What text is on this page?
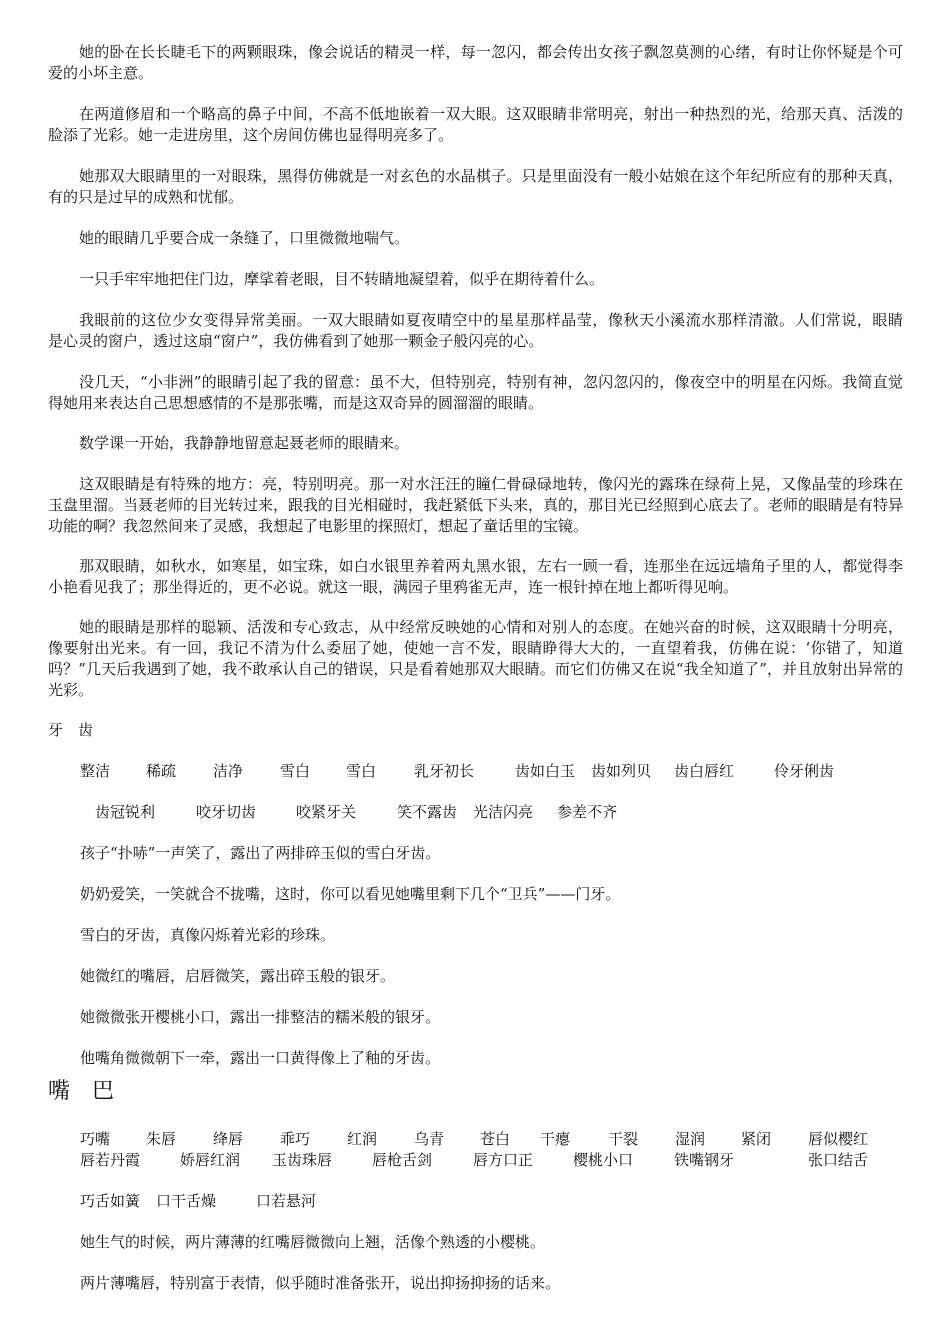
她的卧在长长睫毛下的两颗眼珠，像会说话的精灵一样，每一忽闪，都会传出女孩子飘忽莫测的心绪，有时让你怀疑是个可爱的小坏主意。

在两道修眉和一个略高的鼻子中间，不高不低地嵌着一双大眼。这双眼睛非常明亮，射出一种热烈的光，给那天真、活泼的脸添了光彩。她一走进房里，这个房间仿佛也显得明亮多了。

她那双大眼睛里的一对眼珠，黑得仿佛就是一对玄色的水晶棋子。只是里面没有一般小姑娘在这个年纪所应有的那种天真，有的只是过早的成熟和忧郁。

她的眼睛几乎要合成一条缝了，口里微微地喘气。

一只手牢牢地把住门边，摩挲着老眼，目不转睛地凝望着，似乎在期待着什么。

我眼前的这位少女变得异常美丽。一双大眼睛如夏夜晴空中的星星那样晶莹，像秋天小溪流水那样清澈。人们常说，眼睛　　是心灵的窗户，透过这扇“窗户”，我仿佛看到了她那一颗金子般闪亮的心。

没几天，“小非洲”的眼睛引起了我的留意：虽不大，但特别亮，特别有神，忽闪忽闪的，像夜空中的明星在闪烁。我简直觉得她用来表达自己思想感情的不是那张嘴，而是这双奇异的圆溜溜的眼睛。

数学课一开始，我静静地留意起聂老师的眼睛来。

这双眼睛是有特殊的地方：亮，特别明亮。那一对水汪汪的瞳仁骨碌碌地转，像闪光的露珠在绿荷上晃，又像晶莹的珍珠在玉盘里溜。当聂老师的目光转过来，跟我的目光相碰时，我赶紧低下头来，真的，那目光已经照到心底去了。老师的眼睛是有特异功能的啊？我忽然间来了灵感，我想起了电影里的探照灯，想起了童话里的宝镜。

那双眼睛，如秋水，如寒星，如宝珠，如白水银里养着两丸黑水银，左右一顾一看，连那坐在远远墙角子里的人，都觉得李小艳看见我了；那坐得近的，更不必说。就这一眼，满园子里鸦雀无声，连一根针掉在地上都听得见响。

她的眼睛是那样的聪颖、活泼和专心致志，从中经常反映她的心情和对别人的态度。在她兴奋的时候，这双眼睛十分明亮，像要射出光来。有一回，我记不清为什么委屈了她，使她一言不发，眼睛睁得大大的，一直望着我，仿佛在说：‘你错了，知道吗？”几天后我遇到了她，我不敢承认自己的错误，只是看着她那双大眼睛。而它们仿佛又在说“我全知道了”，并且放射出异常的光彩。

牙　齿
整洁 稀疏 洁净 雪白 雪白	乳牙初长	齿如白玉 齿如列贝 齿白唇红	伶牙俐齿
齿冠锐利	咬牙切齿	咬紧牙关	笑不露齿 光洁闪亮 参差不齐
孩子“扑哧”一声笑了，露出了两排碎玉似的雪白牙齿。
奶奶爱笑，一笑就合不拢嘴，这时，你可以看见她嘴里剩下几个“卫兵”——门牙。
雪白的牙齿，真像闪烁着光彩的珍珠。
她微红的嘴唇，启唇微笑，露出碎玉般的银牙。
她微微张开樱桃小口，露出一排整洁的糯米般的银牙。
他嘴角微微朝下一牵，露出一口黄得像上了釉的牙齿。
嘴　巴
巧嘴 朱唇 绛唇 乖巧 红润 乌青 苍白 干瘪	干裂 湿润 紧闭 唇似樱红
唇若丹霞	娇唇红润 玉齿珠唇	唇枪舌剑	唇方口正	樱桃小口	铁嘴钢牙	张口结舌
巧舌如簧 口干舌燥	口若悬河
她生气的时候，两片薄薄的红嘴唇微微向上翘，活像个熟透的小樱桃。
两片薄嘴唇，特别富于表情，似乎随时准备张开，说出抑扬抑扬的话来。
